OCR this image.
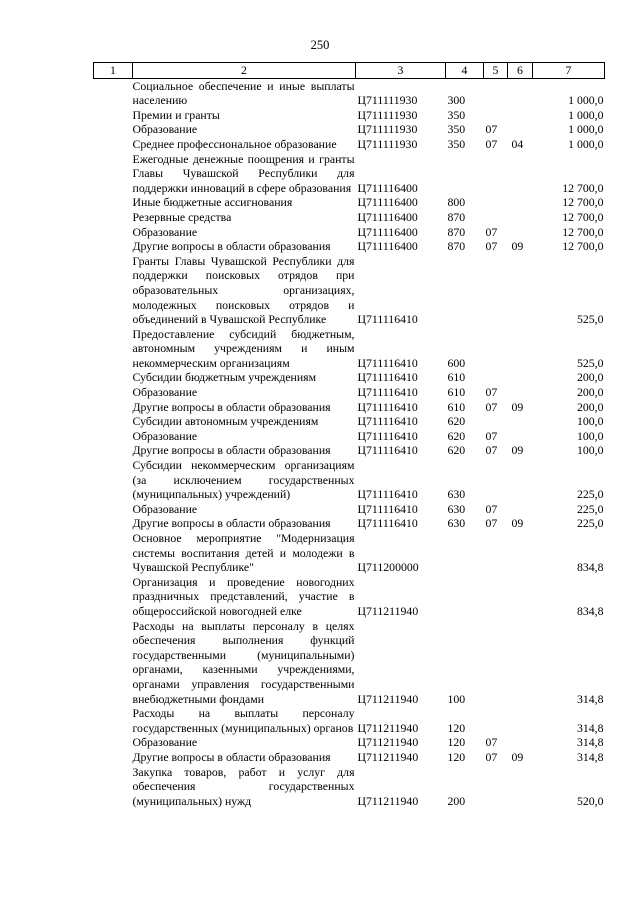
250
1	2	3	4	5	6	7
	Социальное обеспечение и иные выплаты населению	Ц711111930	300			1 000,0
	Премии и гранты	Ц711111930	350			1 000,0
	Образование	Ц711111930	350	07		1 000,0
	Среднее профессиональное образование	Ц711111930	350	07	04	1 000,0
	Ежегодные денежные поощрения и гранты Главы Чувашской Республики для поддержки инноваций в сфере образования	Ц711116400				12 700,0
	Иные бюджетные ассигнования	Ц711116400	800			12 700,0
	Резервные средства	Ц711116400	870			12 700,0
	Образование	Ц711116400	870	07		12 700,0
	Другие вопросы в области образования	Ц711116400	870	07	09	12 700,0
	Гранты Главы Чувашской Республики для поддержки поисковых отрядов при образовательных организациях, молодежных поисковых отрядов и объединений в Чувашской Республике	Ц711116410				525,0
	Предоставление субсидий бюджетным, автономным учреждениям и иным некоммерческим организациям	Ц711116410	600			525,0
	Субсидии бюджетным учреждениям	Ц711116410	610			200,0
	Образование	Ц711116410	610	07		200,0
	Другие вопросы в области образования	Ц711116410	610	07	09	200,0
	Субсидии автономным учреждениям	Ц711116410	620			100,0
	Образование	Ц711116410	620	07		100,0
	Другие вопросы в области образования	Ц711116410	620	07	09	100,0
	Субсидии некоммерческим организациям (за исключением государственных (муниципальных) учреждений)	Ц711116410	630			225,0
	Образование	Ц711116410	630	07		225,0
	Другие вопросы в области образования	Ц711116410	630	07	09	225,0
	Основное мероприятие "Модернизация системы воспитания детей и молодежи в Чувашской Республике"	Ц711200000				834,8
	Организация и проведение новогодних праздничных представлений, участие в общероссийской новогодней елке	Ц711211940				834,8
	Расходы на выплаты персоналу в целях обеспечения выполнения функций государственными (муниципальными) органами, казенными учреждениями, органами управления государственными внебюджетными фондами	Ц711211940	100			314,8
	Расходы на выплаты персоналу государственных (муниципальных) органов	Ц711211940	120			314,8
	Образование	Ц711211940	120	07		314,8
	Другие вопросы в области образования	Ц711211940	120	07	09	314,8
	Закупка товаров, работ и услуг для обеспечения государственных (муниципальных) нужд	Ц711211940	200			520,0
